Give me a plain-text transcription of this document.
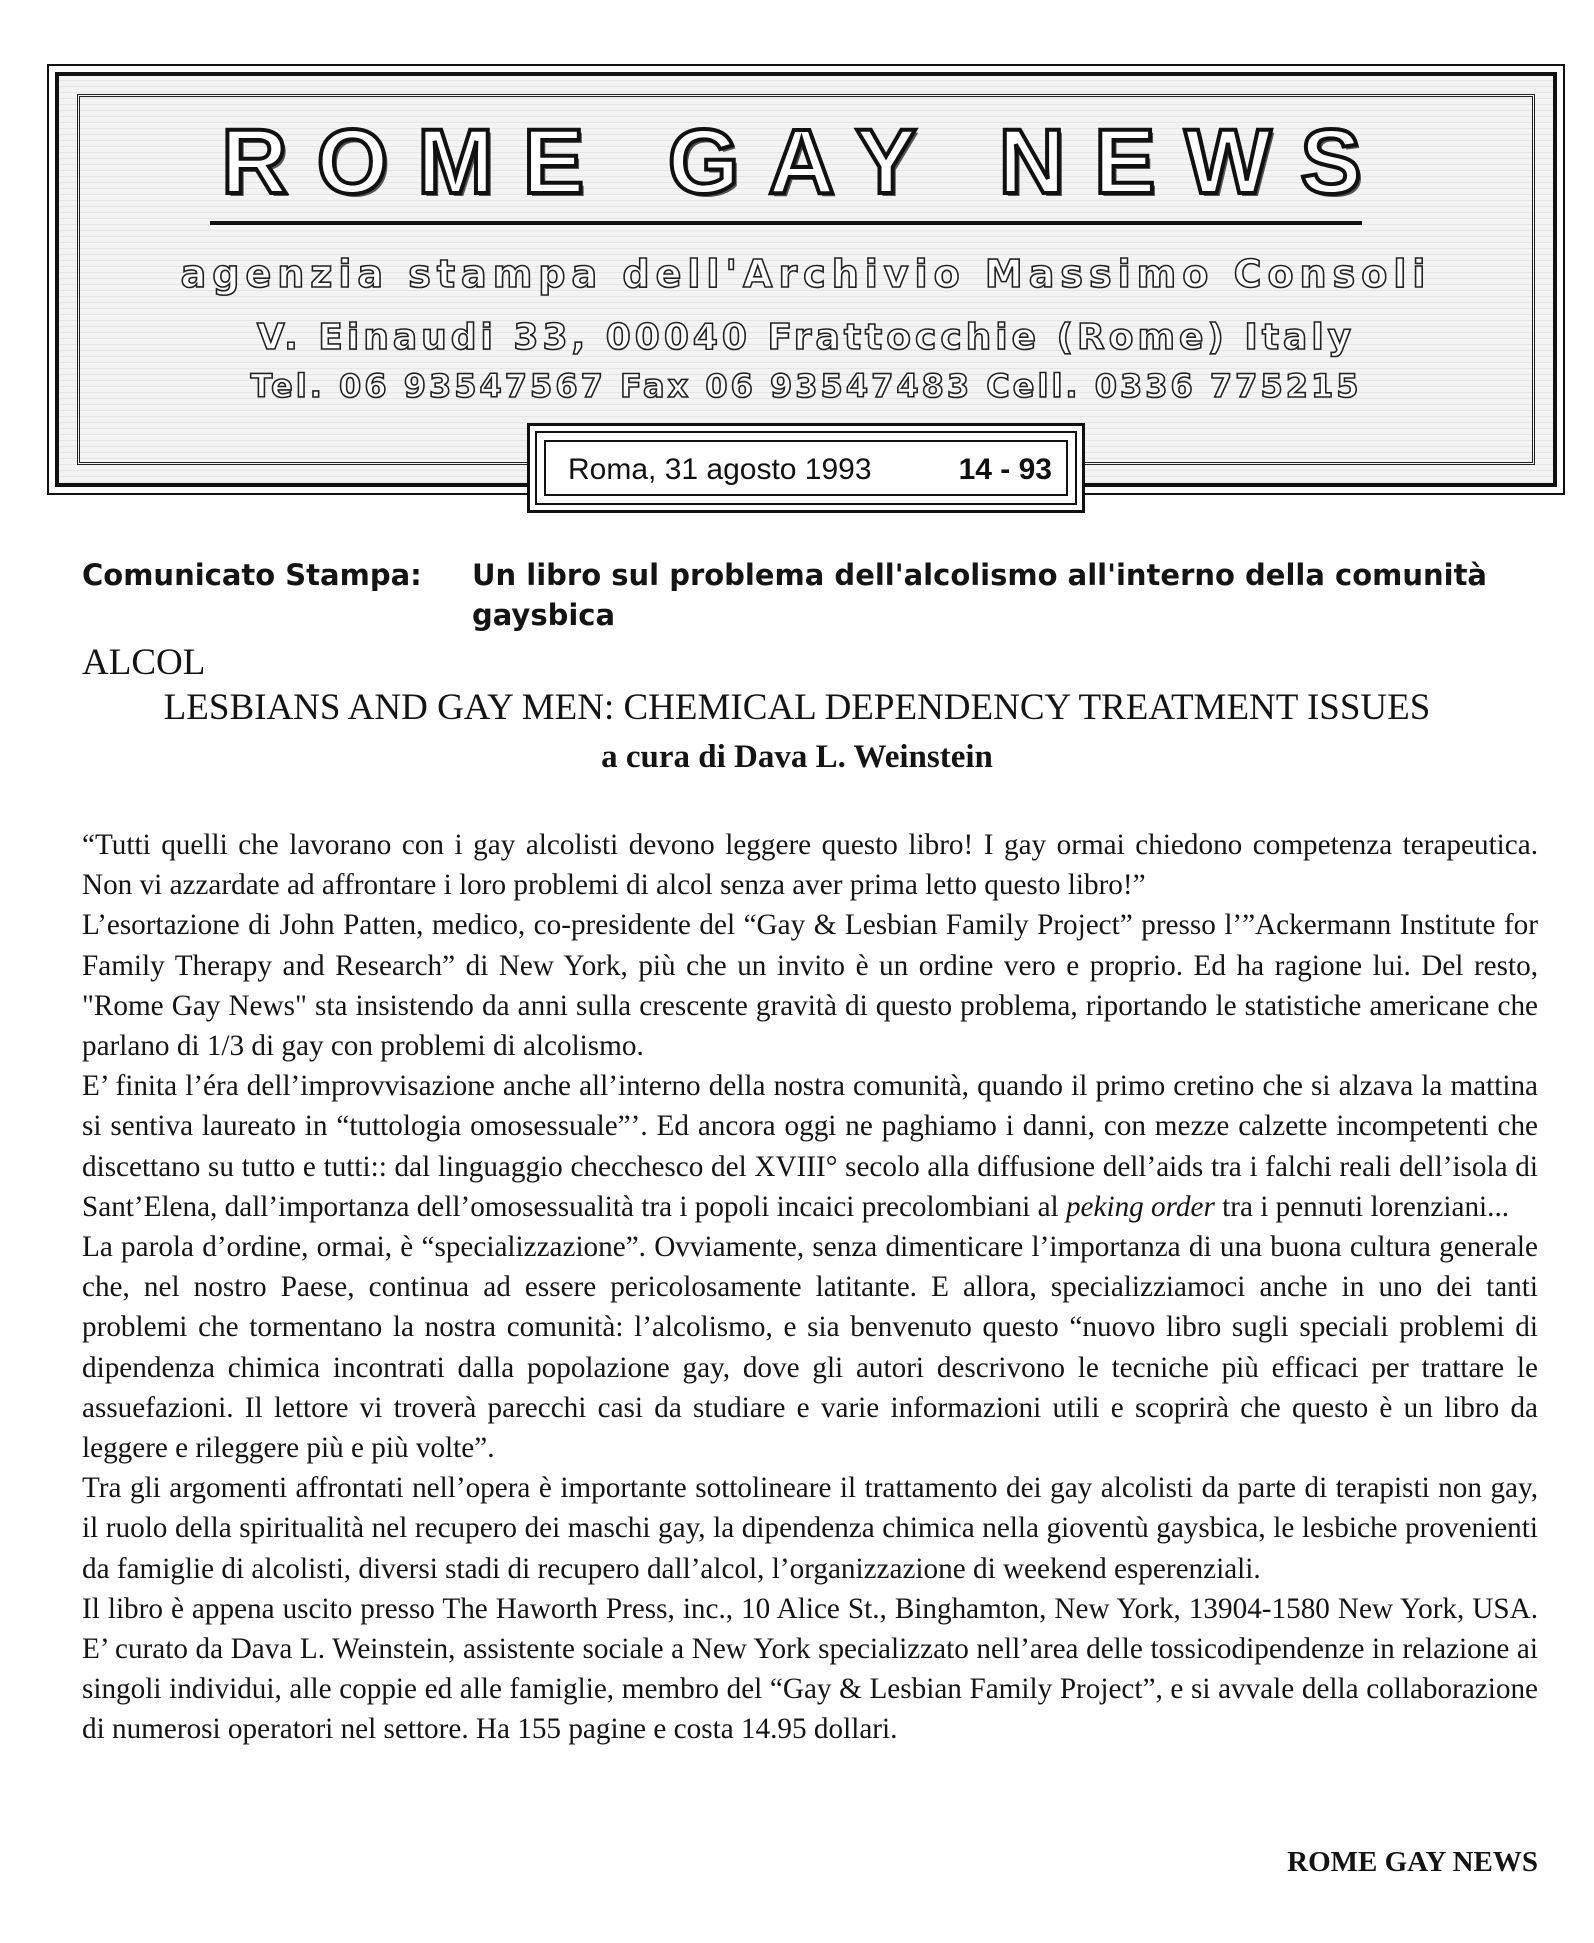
ROME GAY NEWS
agenzia stampa dell'Archivio Massimo Consoli
V. Einaudi 33, 00040 Frattocchie (Rome) Italy
Tel. 06 93547567 Fax 06 93547483 Cell. 0336 775215
Roma, 31 agosto 1993	14 - 93
Comunicato Stampa: Un libro sul problema dell'alcolismo all'interno della comunità gaysbica
ALCOL
LESBIANS AND GAY MEN: CHEMICAL DEPENDENCY TREATMENT ISSUES
a cura di Dava L. Weinstein

“Tutti quelli che lavorano con i gay alcolisti devono leggere questo libro! I gay ormai chiedono competenza terapeutica. Non vi azzardate ad affrontare i loro problemi di alcol senza aver prima letto questo libro!”

L’esortazione di John Patten, medico, co-presidente del “Gay & Lesbian Family Project” presso l’”Ackermann Institute for Family Therapy and Research” di New York, più che un invito è un ordine vero e proprio. Ed ha ragione lui. Del resto, "Rome Gay News" sta insistendo da anni sulla crescente gravità di questo problema, riportando le statistiche americane che parlano di 1/3 di gay con problemi di alcolismo.

E’ finita l’éra dell’improvvisazione anche all’interno della nostra comunità, quando il primo cretino che si alzava la mattina si sentiva laureato in “tuttologia omosessuale”’. Ed ancora oggi ne paghiamo i danni, con mezze calzette incompetenti che discettano su tutto e tutti:: dal linguaggio checchesco del XVIII° secolo alla diffusione dell’aids tra i falchi reali dell’isola di Sant’Elena, dall’importanza dell’omosessualità tra i popoli incaici precolombiani al peking order tra i pennuti lorenziani...

La parola d’ordine, ormai, è “specializzazione”. Ovviamente, senza dimenticare l’importanza di una buona cultura generale che, nel nostro Paese, continua ad essere pericolosamente latitante. E allora, specializziamoci anche in uno dei tanti problemi che tormentano la nostra comunità: l’alcolismo, e sia benvenuto questo “nuovo libro sugli speciali problemi di dipendenza chimica incontrati dalla popolazione gay, dove gli autori descrivono le tecniche più efficaci per trattare le assuefazioni. Il lettore vi troverà parecchi casi da studiare e varie informazioni utili e scoprirà che questo è un libro da leggere e rileggere più e più volte”.

Tra gli argomenti affrontati nell’opera è importante sottolineare il trattamento dei gay alcolisti da parte di terapisti non gay, il ruolo della spiritualità nel recupero dei maschi gay, la dipendenza chimica nella gioventù gaysbica, le lesbiche provenienti da famiglie di alcolisti, diversi stadi di recupero dall’alcol, l’organizzazione di weekend esperenziali.

Il libro è appena uscito presso The Haworth Press, inc., 10 Alice St., Binghamton, New York, 13904-1580 New York, USA. E’ curato da Dava L. Weinstein, assistente sociale a New York specializzato nell’area delle tossicodipendenze in relazione ai singoli individui, alle coppie ed alle famiglie, membro del “Gay & Lesbian Family Project”, e si avvale della collaborazione di numerosi operatori nel settore. Ha 155 pagine e costa 14.95 dollari.

ROME GAY NEWS
